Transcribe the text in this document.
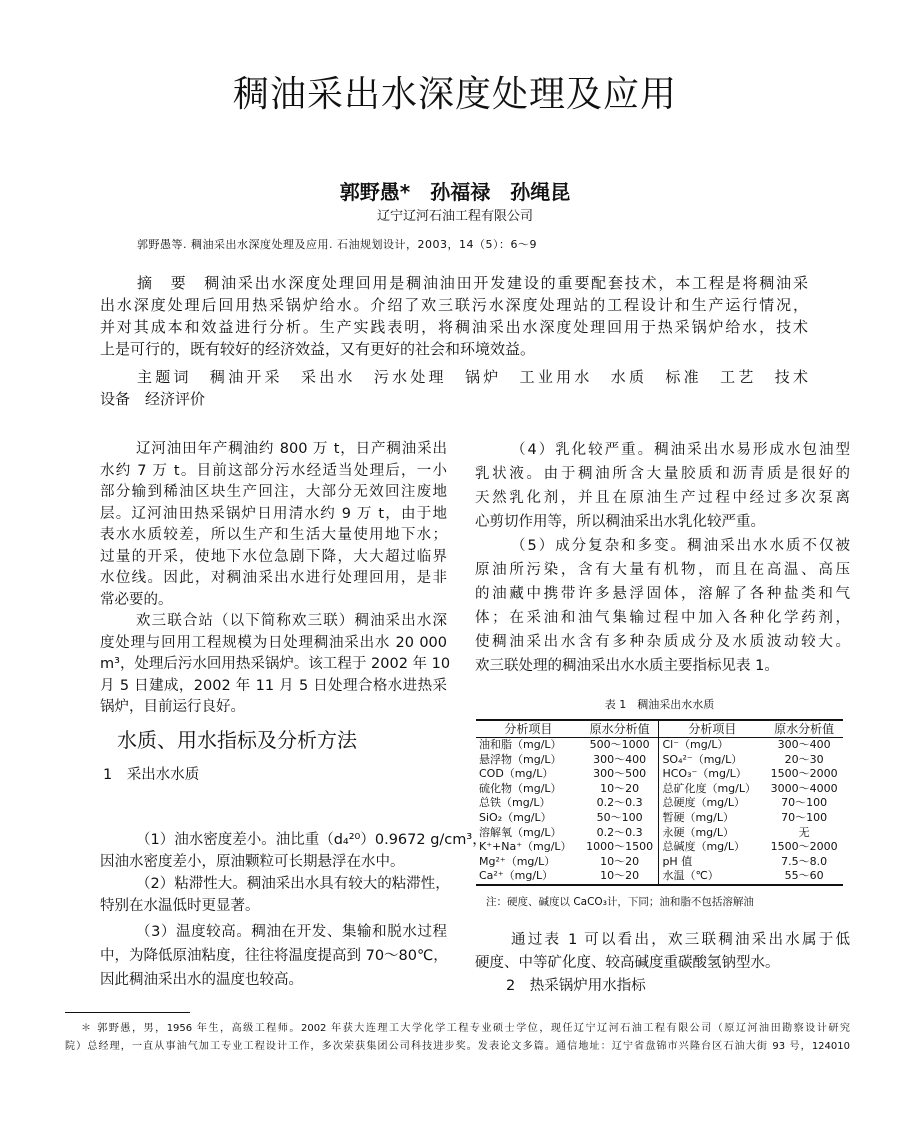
稠油采出水深度处理及应用
郭野愚*　孙福禄　孙绳昆
辽宁辽河石油工程有限公司
郭野愚等. 稠油采出水深度处理及应用. 石油规划设计，2003，14（5）：6～9
摘　要　稠油采出水深度处理回用是稠油油田开发建设的重要配套技术，本工程是将稠油采
出水深度处理后回用热采锅炉给水。介绍了欢三联污水深度处理站的工程设计和生产运行情况，
并对其成本和效益进行分析。生产实践表明，将稠油采出水深度处理回用于热采锅炉给水，技术
上是可行的，既有较好的经济效益，又有更好的社会和环境效益。
主题词　稠油开采　采出水　污水处理　锅炉　工业用水　水质　标准　工艺　技术
设备　经济评价
辽河油田年产稠油约 800 万 t，日产稠油采出
水约 7 万 t。目前这部分污水经适当处理后，一小
部分输到稀油区块生产回注，大部分无效回注废地
层。辽河油田热采锅炉日用清水约 9 万 t，由于地
表水水质较差，所以生产和生活大量使用地下水；
过量的开采，使地下水位急剧下降，大大超过临界
水位线。因此，对稠油采出水进行处理回用，是非
常必要的。
欢三联合站（以下简称欢三联）稠油采出水深
度处理与回用工程规模为日处理稠油采出水 20 000
m³，处理后污水回用热采锅炉。该工程于 2002 年 10
月 5 日建成，2002 年 11 月 5 日处理合格水进热采
锅炉，目前运行良好。
水质、用水指标及分析方法
1　采出水水质
（1）油水密度差小。油比重（d₄²⁰）0.9672 g/cm³，
因油水密度差小，原油颗粒可长期悬浮在水中。
（2）粘滞性大。稠油采出水具有较大的粘滞性，
特别在水温低时更显著。
（3）温度较高。稠油在开发、集输和脱水过程
中，为降低原油粘度，往往将温度提高到 70～80℃，
因此稠油采出水的温度也较高。
（4）乳化较严重。稠油采出水易形成水包油型
乳状液。由于稠油所含大量胶质和沥青质是很好的
天然乳化剂，并且在原油生产过程中经过多次泵离
心剪切作用等，所以稠油采出水乳化较严重。
（5）成分复杂和多变。稠油采出水水质不仅被
原油所污染，含有大量有机物，而且在高温、高压
的油藏中携带许多悬浮固体，溶解了各种盐类和气
体；在采油和油气集输过程中加入各种化学药剂，
使稠油采出水含有多种杂质成分及水质波动较大。
欢三联处理的稠油采出水水质主要指标见表 1。
表 1　稠油采出水水质
分析项目	原水分析值	分析项目	原水分析值
油和脂（mg/L）	500～1000	Cl⁻（mg/L）	300～400
悬浮物（mg/L）	300～400	SO₄²⁻（mg/L）	20～30
COD（mg/L）	300～500	HCO₃⁻（mg/L）	1500～2000
硫化物（mg/L）	10～20	总矿化度（mg/L）	3000～4000
总铁（mg/L）	0.2～0.3	总硬度（mg/L）	70～100
SiO₂（mg/L）	50～100	暂硬（mg/L）	70～100
溶解氧（mg/L）	0.2～0.3	永硬（mg/L）	无
K⁺+Na⁺（mg/L）	1000～1500	总碱度（mg/L）	1500～2000
Mg²⁺（mg/L）	10～20	pH 值	7.5～8.0
Ca²⁺（mg/L）	10～20	水温（℃）	55～60
注：硬度、碱度以 CaCO₃计，下同；油和脂不包括溶解油
通过表 1 可以看出，欢三联稠油采出水属于低
硬度、中等矿化度、较高碱度重碳酸氢钠型水。
2　热采锅炉用水指标
＊ 郭野愚，男，1956 年生，高级工程师。2002 年获大连理工大学化学工程专业硕士学位，现任辽宁辽河石油工程有限公司（原辽河油田勘察设计研究
院）总经理，一直从事油气加工专业工程设计工作，多次荣获集团公司科技进步奖。发表论文多篇。通信地址：辽宁省盘锦市兴隆台区石油大街 93 号，124010
